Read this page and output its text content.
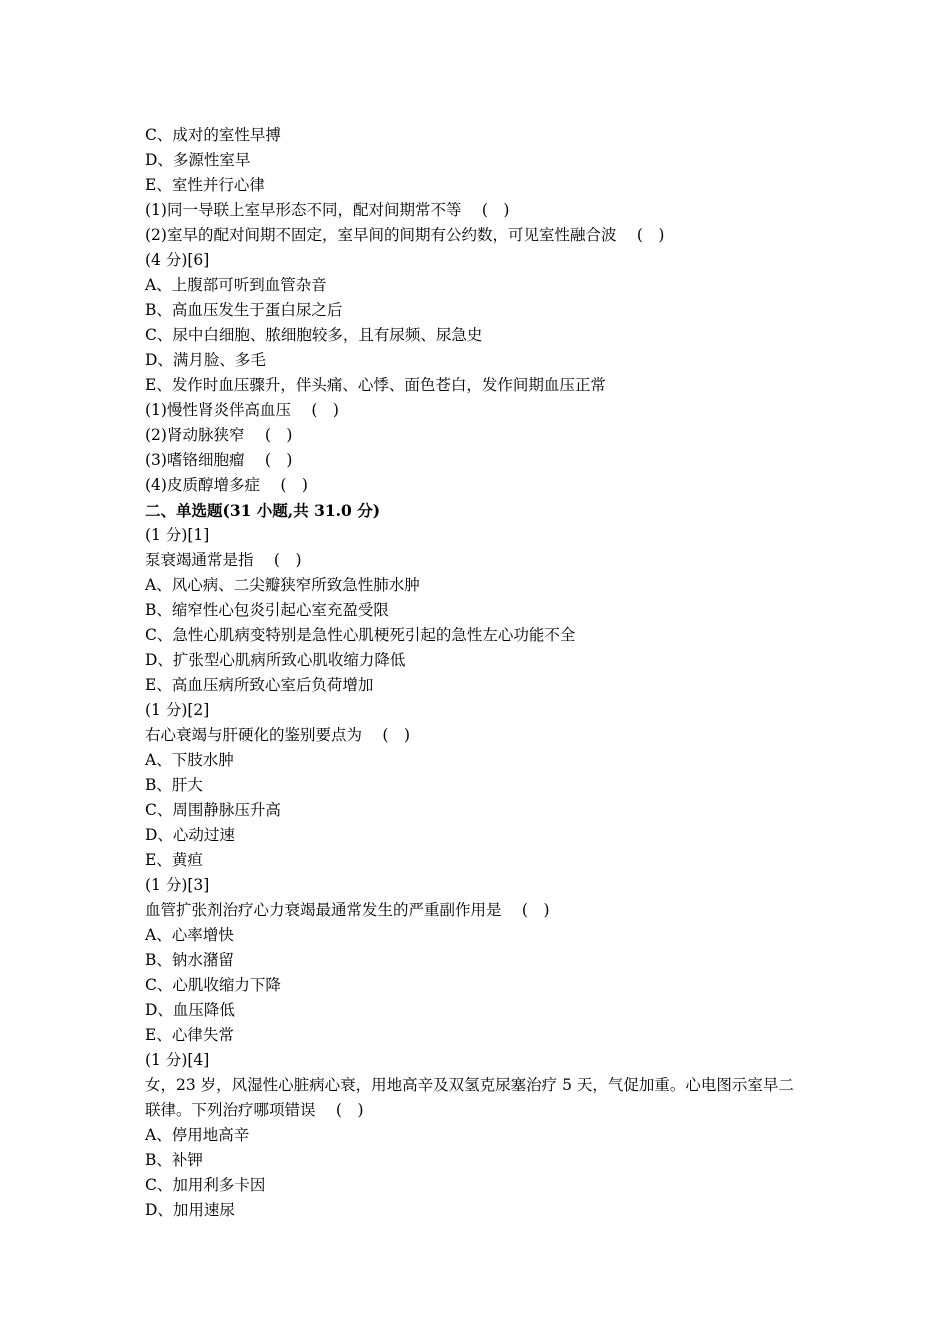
C、成对的室性早搏
D、多源性室早
E、室性并行心律
(1)同一导联上室早形态不同，配对间期常不等　 (　)
(2)室早的配对间期不固定，室早间的间期有公约数，可见室性融合波　 (　)
(4 分)[6]
A、上腹部可听到血管杂音
B、高血压发生于蛋白尿之后
C、尿中白细胞、脓细胞较多，且有尿频、尿急史
D、满月脸、多毛
E、发作时血压骤升，伴头痛、心悸、面色苍白，发作间期血压正常
(1)慢性肾炎伴高血压　 (　)
(2)肾动脉狭窄　 (　)
(3)嗜铬细胞瘤　 (　)
(4)皮质醇增多症　 (　)
二、单选题(31 小题,共 31.0 分)
(1 分)[1]
泵衰竭通常是指　 (　)
A、风心病、二尖瓣狭窄所致急性肺水肿
B、缩窄性心包炎引起心室充盈受限
C、急性心肌病变特别是急性心肌梗死引起的急性左心功能不全
D、扩张型心肌病所致心肌收缩力降低
E、高血压病所致心室后负荷增加
(1 分)[2]
右心衰竭与肝硬化的鉴别要点为　 (　)
A、下肢水肿
B、肝大
C、周围静脉压升高
D、心动过速
E、黄疸
(1 分)[3]
血管扩张剂治疗心力衰竭最通常发生的严重副作用是　 (　)
A、心率增快
B、钠水潴留
C、心肌收缩力下降
D、血压降低
E、心律失常
(1 分)[4]
女，23 岁，风湿性心脏病心衰，用地高辛及双氢克尿塞治疗 5 天，气促加重。心电图示室早二
联律。下列治疗哪项错误　 (　)
A、停用地高辛
B、补钾
C、加用利多卡因
D、加用速尿
